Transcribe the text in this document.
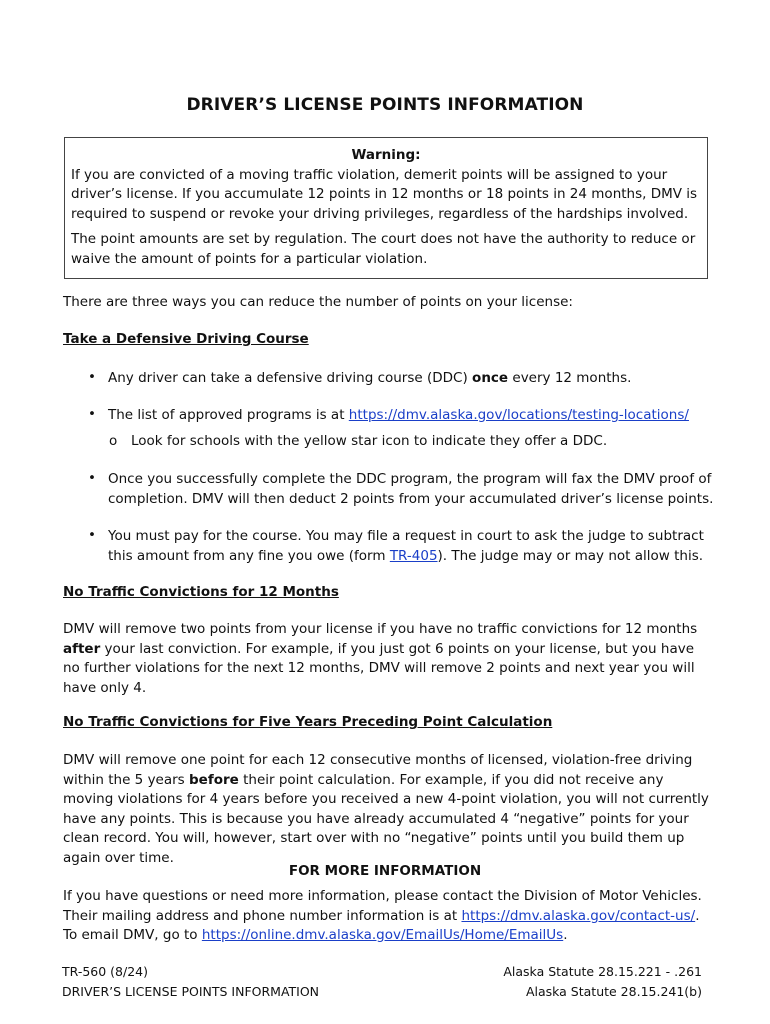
DRIVER’S LICENSE POINTS INFORMATION
Warning:
If you are convicted of a moving traffic violation, demerit points will be assigned to your driver’s license. If you accumulate 12 points in 12 months or 18 points in 24 months, DMV is required to suspend or revoke your driving privileges, regardless of the hardships involved.
The point amounts are set by regulation. The court does not have the authority to reduce or waive the amount of points for a particular violation.
There are three ways you can reduce the number of points on your license:
Take a Defensive Driving Course
• Any driver can take a defensive driving course (DDC) once every 12 months.
• The list of approved programs is at https://dmv.alaska.gov/locations/testing-locations/
o Look for schools with the yellow star icon to indicate they offer a DDC.
• Once you successfully complete the DDC program, the program will fax the DMV proof of completion. DMV will then deduct 2 points from your accumulated driver’s license points.
• You must pay for the course. You may file a request in court to ask the judge to subtract this amount from any fine you owe (form TR-405). The judge may or may not allow this.
No Traffic Convictions for 12 Months
DMV will remove two points from your license if you have no traffic convictions for 12 months after your last conviction. For example, if you just got 6 points on your license, but you have no further violations for the next 12 months, DMV will remove 2 points and next year you will have only 4.
No Traffic Convictions for Five Years Preceding Point Calculation
DMV will remove one point for each 12 consecutive months of licensed, violation-free driving within the 5 years before their point calculation. For example, if you did not receive any moving violations for 4 years before you received a new 4-point violation, you will not currently have any points. This is because you have already accumulated 4 “negative” points for your clean record. You will, however, start over with no “negative” points until you build them up again over time.
FOR MORE INFORMATION
If you have questions or need more information, please contact the Division of Motor Vehicles.
Their mailing address and phone number information is at https://dmv.alaska.gov/contact-us/.
To email DMV, go to https://online.dmv.alaska.gov/EmailUs/Home/EmailUs.
TR-560 (8/24)
DRIVER’S LICENSE POINTS INFORMATION
Alaska Statute 28.15.221 - .261
Alaska Statute 28.15.241(b)
